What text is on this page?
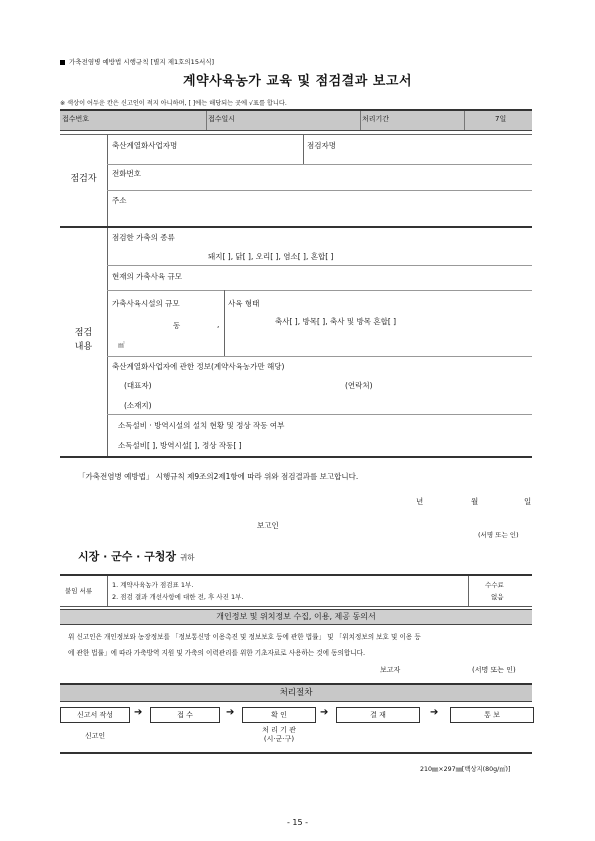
가축전염병 예방법 시행규칙 [별지 제1호의15서식]
계약사육농가 교육 및 점검결과 보고서
※ 색상이 어두운 칸은 신고인이 적지 아니하며, [ ]에는 해당되는 곳에 √표를 합니다.
접수번호	접수일시	처리기간	7일
점검자
축산계열화사업자명	점검자명
전화번호
주소
점검
내용
점검한 가축의 종류
돼지[ ], 닭[ ], 오리[ ], 염소[ ], 혼합[ ]
현재의 가축사육 규모
가축사육시설의 규모
동	,
㎡
사육 형태
축사[ ], 방목[ ], 축사 및 방목 혼합[ ]
축산계열화사업자에 관한 정보(계약사육농가만 해당)
(대표자)	(연락처)
(소재지)
소독설비 · 방역시설의 설치 현황 및 정상 작동 여부
소독설비[ ], 방역시설[ ], 정상 작동[ ]
「가축전염병 예방법」 시행규칙 제9조의2제1항에 따라 위와 점검결과를 보고합니다.
년	월	일
보고인
(서명 또는 인)
시장 · 군수 · 구청장 귀하
붙임 서류
1. 계약사육농가 점검표 1부.
2. 점검 결과 개선사항에 대한 전, 후 사진 1부.
수수료
없음
개인정보 및 위치정보 수집, 이용, 제공 동의서
위 신고인은 개인정보와 농장정보를 「정보통신망 이용촉진 및 정보보호 등에 관한 법률」 및 「위치정보의 보호 및 이용 등
에 관한 법률」에 따라 가축방역 지원 및 가축의 이력관리를 위한 기초자료로 사용하는 것에 동의합니다.
보고자	(서명 또는 인)
처리절차
신고서 작성	➔	접 수	➔	확 인	➔	결 재	➔	통 보
신고인
처 리 기 관
(시·군·구)
210㎜×297㎜[백상지(80g/㎡)]
- 15 -
